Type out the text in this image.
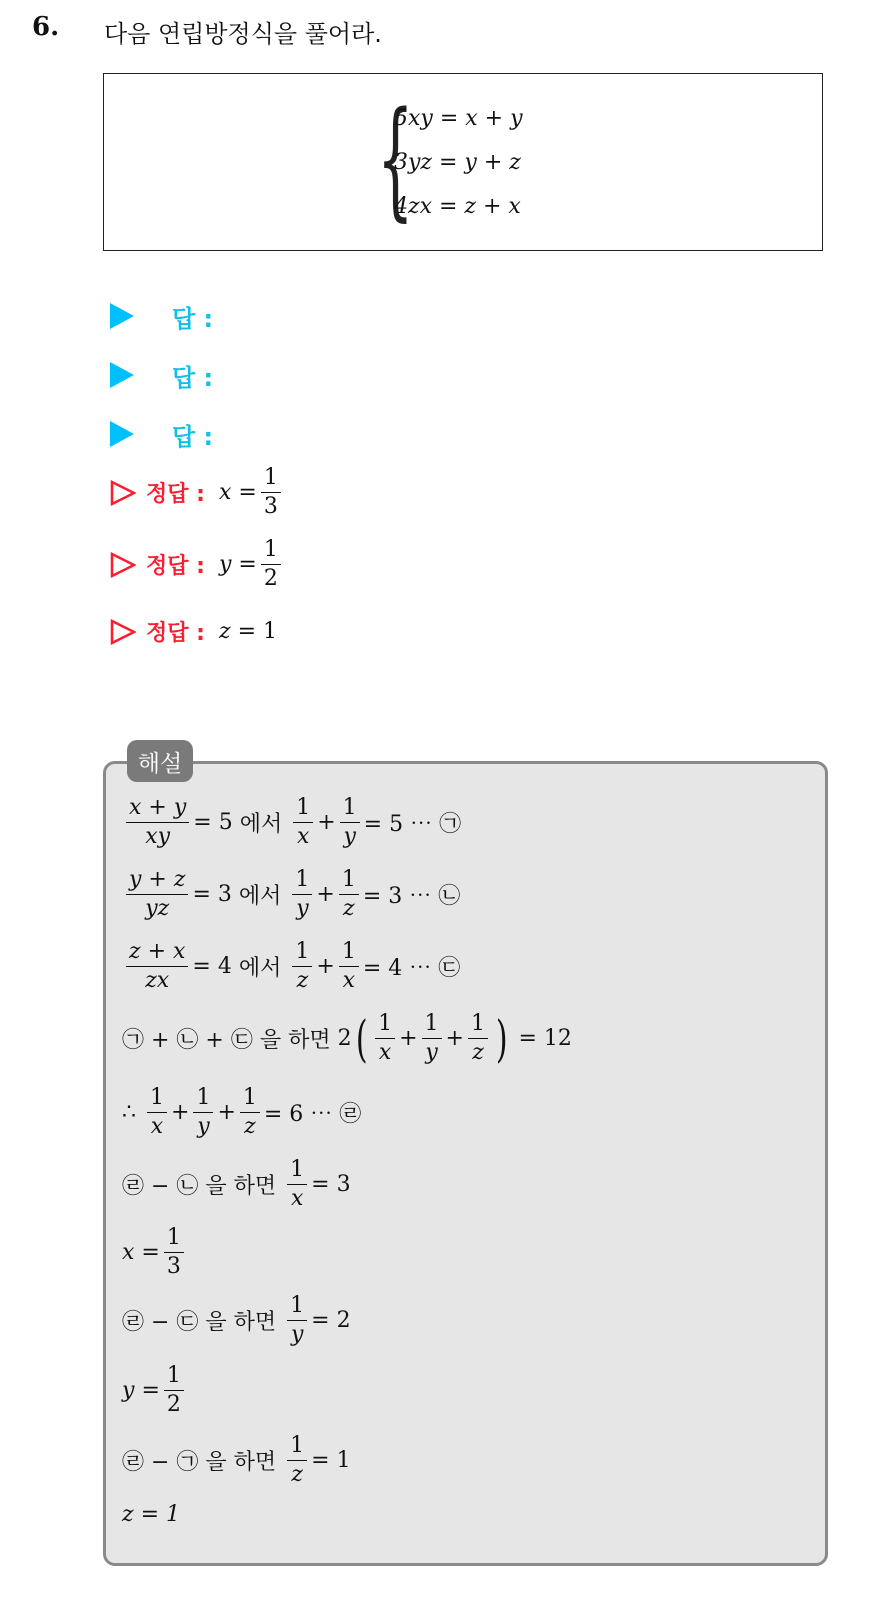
6. 다음 연립방정식을 풀어라.
{
5xy = x + y
3yz = y + z
4zx = z + x
답 :
답 :
답 :
정답 : x
= $\frac{1}{3}$
정답 : y
= $\frac{1}{2}$
정답 : z
=
1
해설
$\frac{x + y}{xy} = 5$
에서
$\frac{1}{x} + \frac{1}{y} = 5$ ⋯ ㉠
$\frac{y + z}{yz} = 3$
에서
$\frac{1}{y} + \frac{1}{z} = 3$ ⋯ ㉡
$\frac{z + x}{zx} = 4$
에서
$\frac{1}{z} + \frac{1}{x} = 4$ ⋯ ㉢
㉠ + ㉡ + ㉢
을 하면
2 ( $\frac{1}{x} + \frac{1}{y} + \frac{1}{z}$ )
= 12
∴
$\frac{1}{x} + \frac{1}{y} + \frac{1}{z} = 6$ ⋯ ㉣
㉣ − ㉡
을 하면
$\frac{1}{x} = 3$
x
= $\frac{1}{3}$
㉣ − ㉢
을 하면
$\frac{1}{y} = 2$
y
= $\frac{1}{2}$
㉣ − ㉠
을 하면
$\frac{1}{z} = 1$
z = 1
